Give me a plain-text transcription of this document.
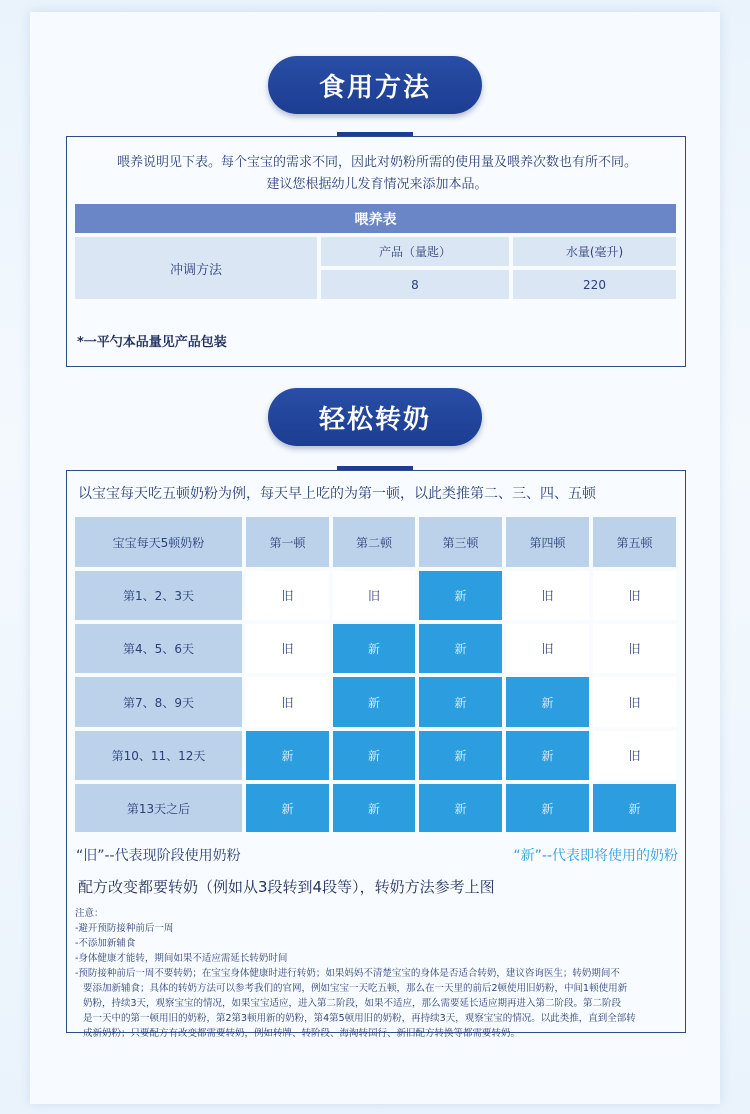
食用方法
喂养说明见下表。每个宝宝的需求不同，因此对奶粉所需的使用量及喂养次数也有所不同。
建议您根据幼儿发育情况来添加本品。
喂养表
冲调方法
产品（量匙）	水量(毫升)
8	220
*一平勺本品量见产品包装
轻松转奶
以宝宝每天吃五顿奶粉为例，每天早上吃的为第一顿，以此类推第二、三、四、五顿
宝宝每天5顿奶粉	第一顿	第二顿	第三顿	第四顿	第五顿
第1、2、3天	旧	旧	新	旧	旧
第4、5、6天	旧	新	新	旧	旧
第7、8、9天	旧	新	新	新	旧
第10、11、12天	新	新	新	新	旧
第13天之后	新	新	新	新	新
“旧”--代表现阶段使用奶粉	“新”--代表即将使用的奶粉
配方改变都要转奶（例如从3段转到4段等），转奶方法参考上图
注意：
-避开预防接种前后一周
-不添加新辅食
-身体健康才能转，期间如果不适应需延长转奶时间
-预防接种前后一周不要转奶；在宝宝身体健康时进行转奶；如果妈妈不清楚宝宝的身体是否适合转奶，建议咨询医生；转奶期间不
要添加新辅食；具体的转奶方法可以参考我们的官网，例如宝宝一天吃五顿，那么在一天里的前后2顿使用旧奶粉，中间1顿使用新
奶粉，持续3天，观察宝宝的情况，如果宝宝适应，进入第二阶段，如果不适应，那么需要延长适应期再进入第二阶段。第二阶段
是一天中的第一顿用旧的奶粉，第2第3顿用新的奶粉，第4第5顿用旧的奶粉，再持续3天，观察宝宝的情况。以此类推，直到全部转
成新奶粉；只要配方有改变都需要转奶，例如转牌、转阶段、海淘转国行、新旧配方转换等都需要转奶。
